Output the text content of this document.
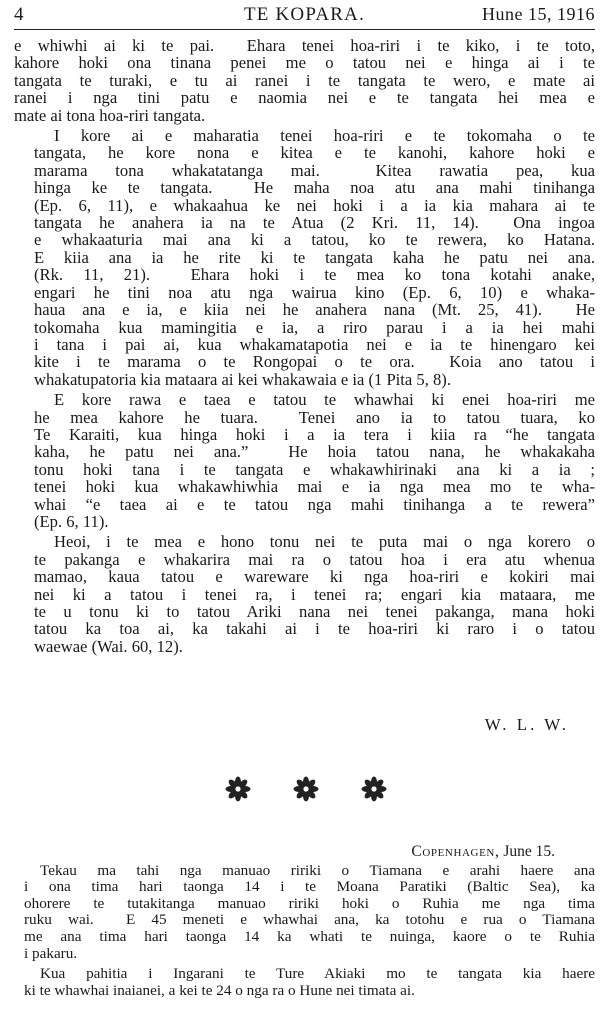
4	TE KOPARA.	Hune 15, 1916
e whiwhi ai ki te pai.  Ehara tenei hoa-riri i te kiko, i te toto,
kahore hoki ona tinana penei me o tatou nei e hinga ai i te
tangata te turaki, e tu ai ranei i te tangata te wero, e mate ai
ranei i nga tini patu e naomia nei e te tangata hei mea e
mate ai tona hoa-riri tangata.
I kore ai e maharatia tenei hoa-riri e te tokomaha o te
tangata, he kore nona e kitea e te kanohi, kahore hoki e
marama tona whakatatanga mai.  Kitea rawatia pea, kua
hinga ke te tangata.  He maha noa atu ana mahi tinihanga
(Ep. 6, 11), e whakaahua ke nei hoki i a ia kia mahara ai te
tangata he anahera ia na te Atua (2 Kri. 11, 14).  Ona ingoa
e whakaaturia mai ana ki a tatou, ko te rewera, ko Hatana.
E kiia ana ia he rite ki te tangata kaha he patu nei ana.
(Rk. 11, 21).  Ehara hoki i te mea ko tona kotahi anake,
engari he tini noa atu nga wairua kino (Ep. 6, 10) e whaka-
haua ana e ia, e kiia nei he anahera nana (Mt. 25, 41).  He
tokomaha kua mamingitia e ia, a riro parau i a ia hei mahi
i tana i pai ai, kua whakamatapotia nei e ia te hinengaro kei
kite i te marama o te Rongopai o te ora.  Koia ano tatou i
whakatupatoria kia mataara ai kei whakawaia e ia (1 Pita 5, 8).
E kore rawa e taea e tatou te whawhai ki enei hoa-riri me
he mea kahore he tuara.  Tenei ano ia to tatou tuara, ko
Te Karaiti, kua hinga hoki i a ia tera i kiia ra “he tangata
kaha, he patu nei ana.”  He hoia tatou nana, he whakakaha
tonu hoki tana i te tangata e whakawhirinaki ana ki a ia ;
tenei hoki kua whakawhiwhia mai e ia nga mea mo te wha-
whai “e taea ai e te tatou nga mahi tinihanga a te rewera”
(Ep. 6, 11).
Heoi, i te mea e hono tonu nei te puta mai o nga korero o
te pakanga e whakarira mai ra o tatou hoa i era atu whenua
mamao, kaua tatou e wareware ki nga hoa-riri e kokiri mai
nei ki a tatou i tenei ra, i tenei ra; engari kia mataara, me
te u tonu ki to tatou Ariki nana nei tenei pakanga, mana hoki
tatou ka toa ai, ka takahi ai i te hoa-riri ki raro i o tatou
waewae (Wai. 60, 12).
W. L. W.
Copenhagen, June 15.
Tekau ma tahi nga manuao ririki o Tiamana e arahi haere ana
i ona tima hari taonga 14 i te Moana Paratiki (Baltic Sea), ka
ohorere te tutakitanga manuao ririki hoki o Ruhia me nga tima
ruku wai.  E 45 meneti e whawhai ana, ka totohu e rua o Tiamana
me ana tima hari taonga 14 ka whati te nuinga, kaore o te Ruhia
i pakaru.
Kua pahitia i Ingarani te Ture Akiaki mo te tangata kia haere
ki te whawhai inaianei, a kei te 24 o nga ra o Hune nei timata ai.
